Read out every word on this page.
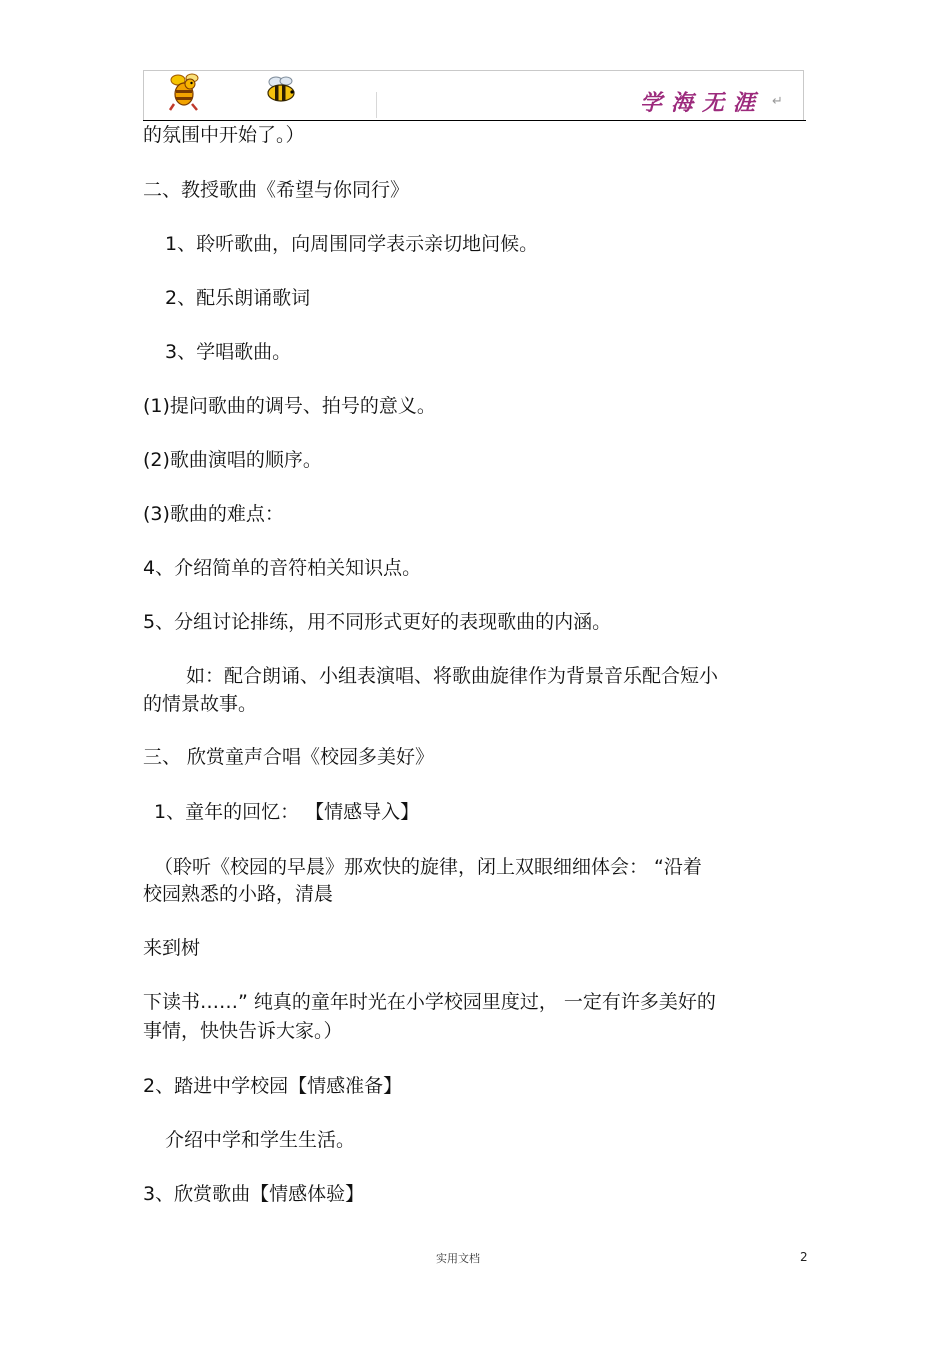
学海无涯 ↵
的氛围中开始了。）
二、教授歌曲《希望与你同行》
1、聆听歌曲，向周围同学表示亲切地问候。
2、配乐朗诵歌词
3、学唱歌曲。
(1)提问歌曲的调号、拍号的意义。
(2)歌曲演唱的顺序。
(3)歌曲的难点：
4、介绍简单的音符柏关知识点。
5、分组讨论排练，用不同形式更好的表现歌曲的内涵。
如：配合朗诵、小组表演唱、将歌曲旋律作为背景音乐配合短小
的情景故事。
三、 欣赏童声合唱《校园多美好》
1、童年的回忆： 【情感导入】
（聆听《校园的早晨》那欢快的旋律，闭上双眼细细体会： “沿着
校园熟悉的小路，清晨
来到树
下读书……” 纯真的童年时光在小学校园里度过， 一定有许多美好的
事情，快快告诉大家。）
2、踏进中学校园【情感准备】
介绍中学和学生生活。
3、欣赏歌曲【情感体验】
实用文档	2
